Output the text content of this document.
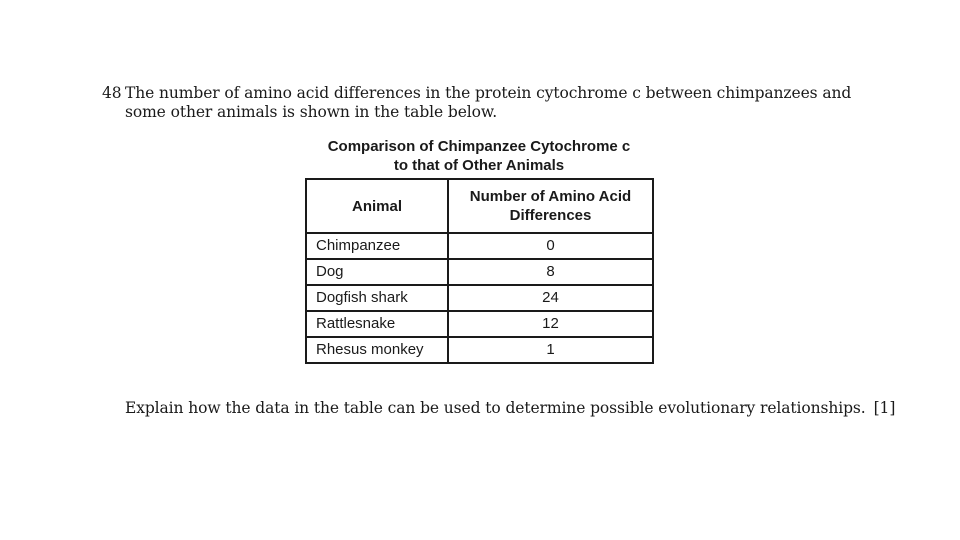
48 The number of amino acid differences in the protein cytochrome c between chimpanzees and some other animals is shown in the table below.
Comparison of Chimpanzee Cytochrome c
to that of Other Animals
Animal	Number of Amino Acid Differences
Chimpanzee	0
Dog	8
Dogfish shark	24
Rattlesnake	12
Rhesus monkey	1
Explain how the data in the table can be used to determine possible evolutionary relationships. [1]
